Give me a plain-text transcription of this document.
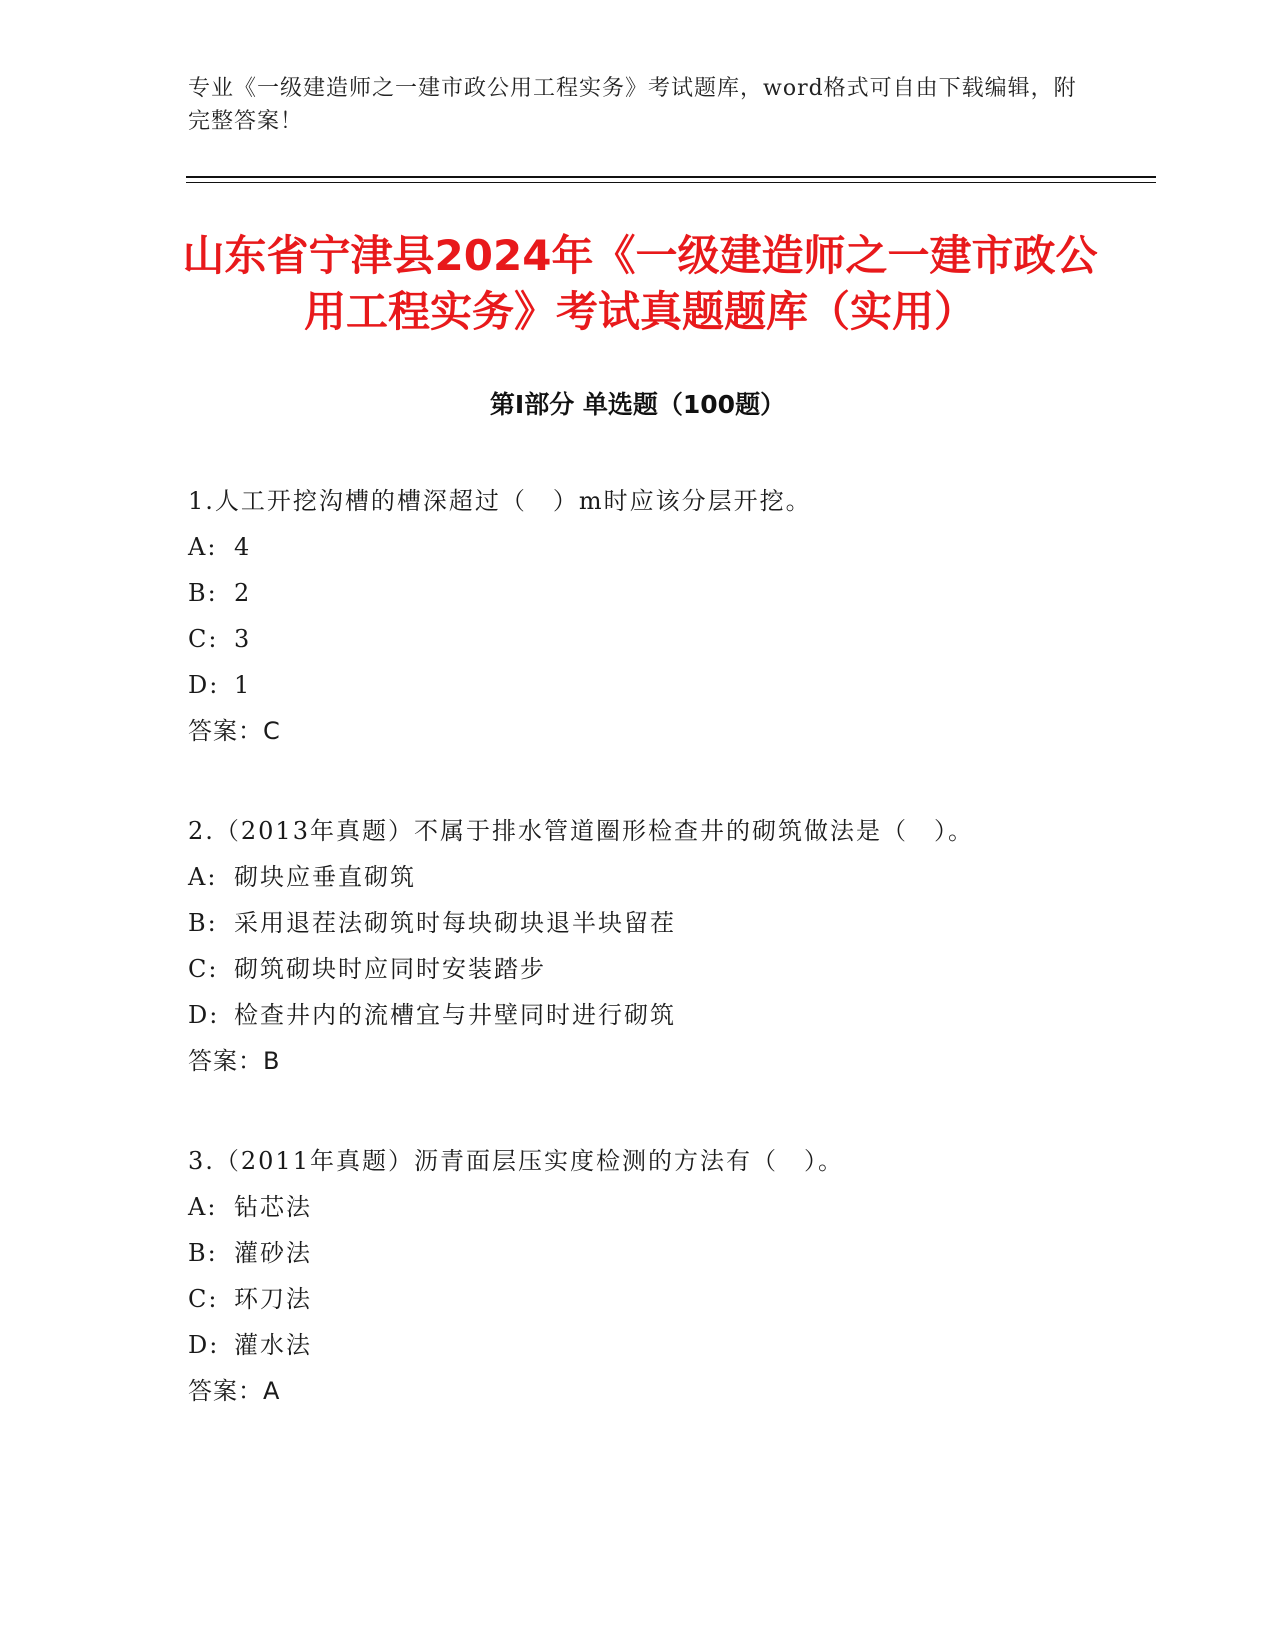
专业《一级建造师之一建市政公用工程实务》考试题库，word格式可自由下载编辑，附完整答案！
山东省宁津县2024年《一级建造师之一建市政公用工程实务》考试真题题库（实用）
第Ⅰ部分 单选题（100题）
1.人工开挖沟槽的槽深超过（　）m时应该分层开挖。
A: 4
B: 2
C: 3
D: 1
答案：C
2.（2013年真题）不属于排水管道圈形检查井的砌筑做法是（　）。
A: 砌块应垂直砌筑
B: 采用退茬法砌筑时每块砌块退半块留茬
C: 砌筑砌块时应同时安装踏步
D: 检查井内的流槽宜与井壁同时进行砌筑
答案：B
3.（2011年真题）沥青面层压实度检测的方法有（　）。
A: 钻芯法
B: 灌砂法
C: 环刀法
D: 灌水法
答案：A
